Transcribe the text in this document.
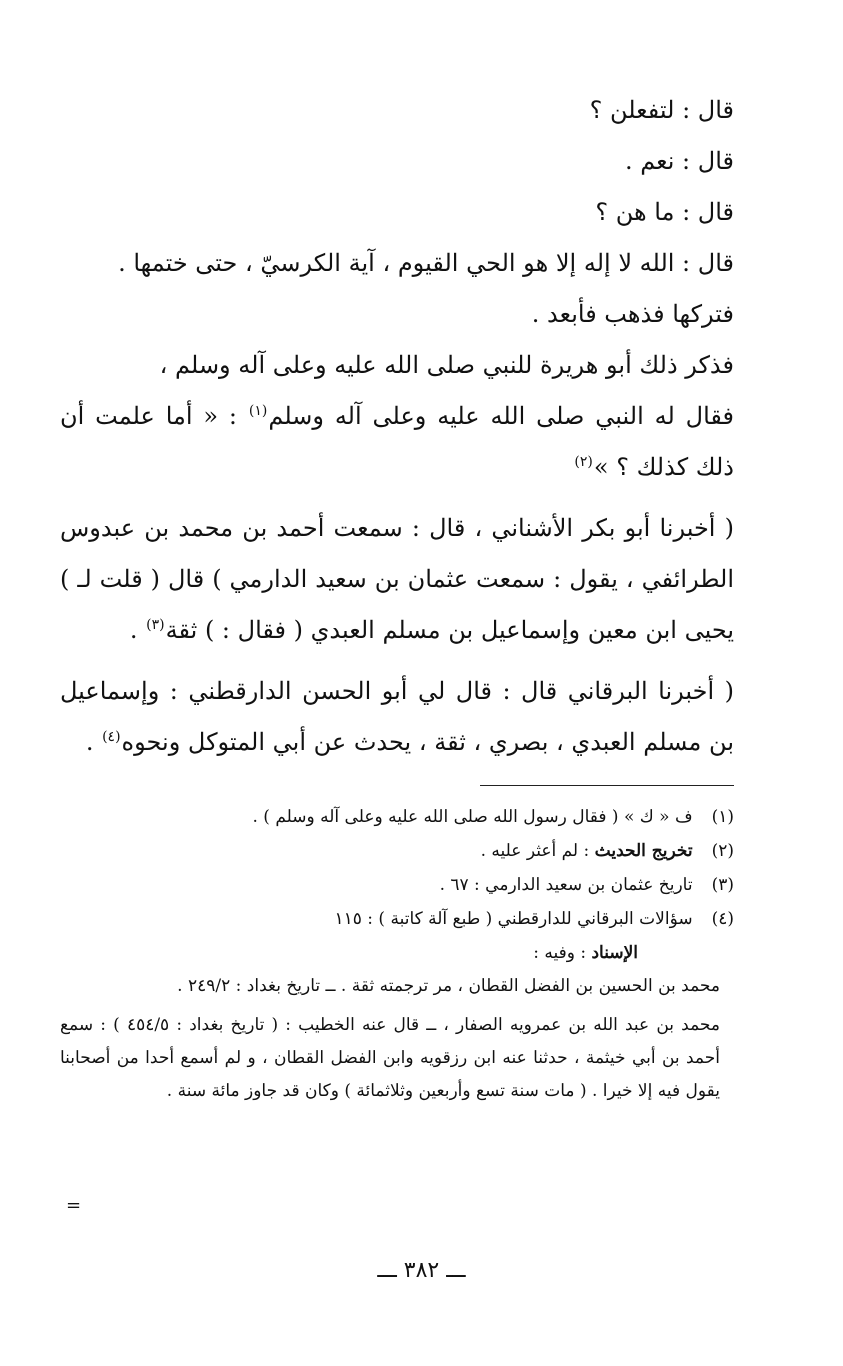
قال : لتفعلن ؟
قال : نعم .
قال : ما هن ؟
قال : الله لا إله إلا هو الحي القيوم ، آية الكرسيّ ، حتى ختمها .
فتركها فذهب فأبعد .
فذكر ذلك أبو هريرة للنبي صلى الله عليه وعلى آله وسلم ،

فقال له النبي صلى الله عليه وعلى آله وسلم$^{(١)}$ : « أما علمت أن ذلك كذلك ؟ »$^{(٢)}$

( أخبرنا أبو بكر الأشناني ، قال : سمعت أحمد بن محمد بن عبدوس الطرائفي ، يقول : سمعت عثمان بن سعيد الدارمي ) قال ( قلت لـ ) يحيى ابن معين وإسماعيل بن مسلم العبدي ( فقال : ) ثقة$^{(٣)}$ .

( أخبرنا البرقاني قال : قال لي أبو الحسن الدارقطني : وإسماعيل بن مسلم العبدي ، بصري ، ثقة ، يحدث عن أبي المتوكل ونحوه$^{(٤)}$ .

(١) ف « ك » ( فقال رسول الله صلى الله عليه وعلى آله وسلم ) .
(٢) تخريج الحديث : لم أعثر عليه .
(٣) تاريخ عثمان بن سعيد الدارمي : ٦٧ .
(٤) سؤالات البرقاني للدارقطني ( طبع آلة كاتبة ) : ١١٥
الإسناد : وفيه :

محمد بن الحسين بن الفضل القطان ، مر ترجمته ثقة . ــ تاريخ بغداد : ٢٤٩/٢ .

محمد بن عبد الله بن عمرويه الصفار ، ــ قال عنه الخطيب : ( تاريخ بغداد : ٤٥٤/٥ ) : سمع أحمد بن أبي خيثمة ، حدثنا عنه ابن رزقويه وابن الفضل القطان ، و لم أسمع أحدا من أصحابنا يقول فيه إلا خيرا . ( مات سنة تسع وأربعين وثلاثمائة ) وكان قد جاوز مائة سنة .

=
ـــ ٣٨٢ ـــ
